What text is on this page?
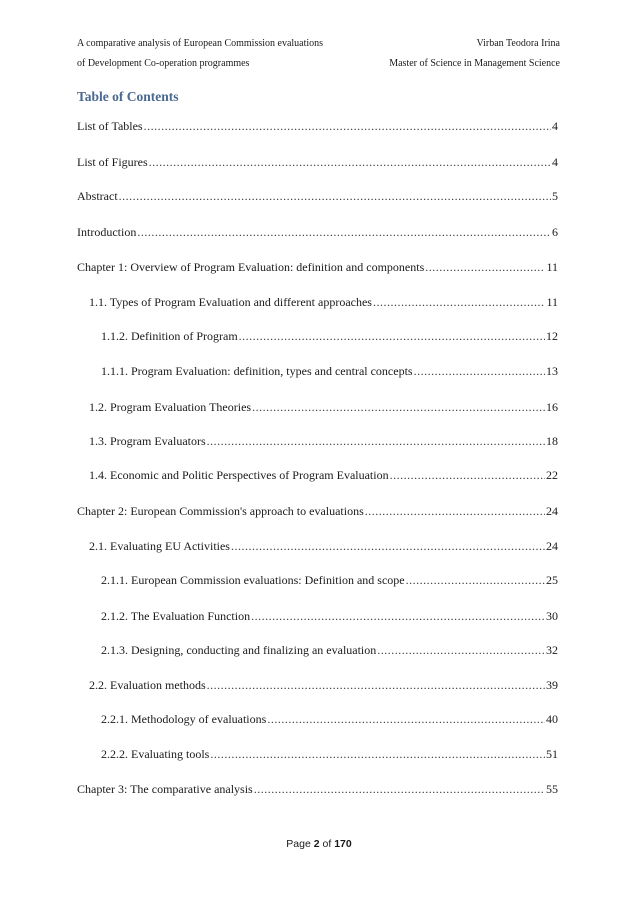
A comparative analysis of European Commission evaluations
of Development Co-operation programmes
Virban Teodora Irina
Master of Science in Management Science
Table of Contents
List of Tables .....	4
List of Figures .....	4
Abstract .....	5
Introduction .....	6
Chapter 1: Overview of Program Evaluation: definition and components .....	11
1.1. Types of Program Evaluation and different approaches .....	11
1.1.2. Definition of Program .....	12
1.1.1. Program Evaluation: definition, types and central concepts .....	13
1.2. Program Evaluation Theories .....	16
1.3. Program Evaluators .....	18
1.4. Economic and Politic Perspectives of Program Evaluation .....	22
Chapter 2: European Commission's approach to evaluations .....	24
2.1. Evaluating EU Activities .....	24
2.1.1. European Commission evaluations: Definition and scope .....	25
2.1.2. The Evaluation Function .....	30
2.1.3. Designing, conducting and finalizing an evaluation .....	32
2.2. Evaluation methods .....	39
2.2.1. Methodology of evaluations .....	40
2.2.2. Evaluating tools .....	51
Chapter 3: The comparative analysis .....	55
Page 2 of 170
